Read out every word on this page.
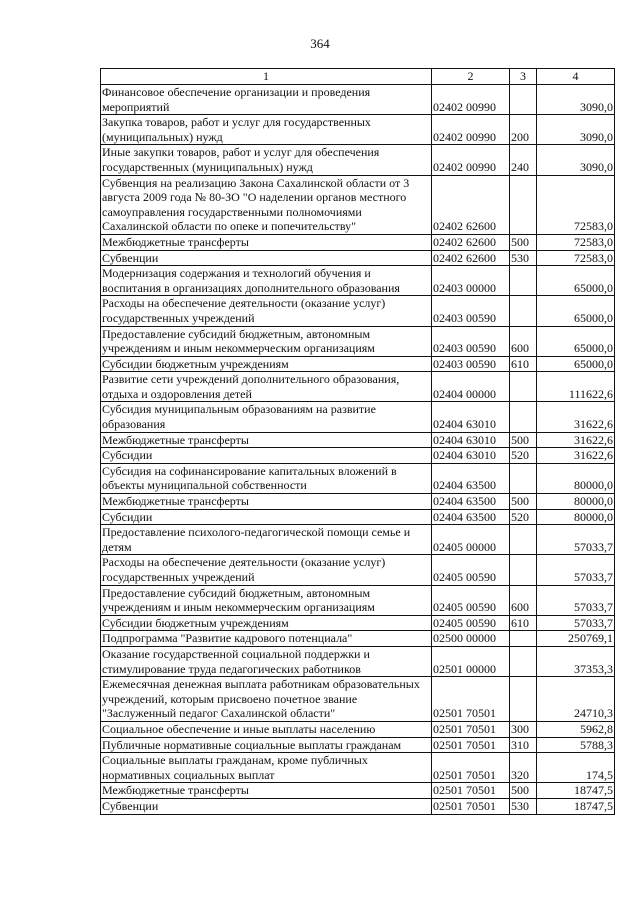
364
1	2	3	4
Финансовое обеспечение организации и проведения мероприятий	02402 00990		3090,0
Закупка товаров, работ и услуг для государственных (муниципальных) нужд	02402 00990	200	3090,0
Иные закупки товаров, работ и услуг для обеспечения государственных (муниципальных) нужд	02402 00990	240	3090,0
Субвенция на реализацию Закона Сахалинской области от 3 августа 2009 года № 80-ЗО "О наделении органов местного самоуправления государственными полномочиями Сахалинской области по опеке и попечительству"	02402 62600		72583,0
Межбюджетные трансферты	02402 62600	500	72583,0
Субвенции	02402 62600	530	72583,0
Модернизация содержания и технологий обучения и воспитания в организациях дополнительного образования	02403 00000		65000,0
Расходы на обеспечение деятельности (оказание услуг) государственных учреждений	02403 00590		65000,0
Предоставление субсидий бюджетным, автономным учреждениям и иным некоммерческим организациям	02403 00590	600	65000,0
Субсидии бюджетным учреждениям	02403 00590	610	65000,0
Развитие сети учреждений дополнительного образования, отдыха и оздоровления детей	02404 00000		111622,6
Субсидия муниципальным образованиям на развитие образования	02404 63010		31622,6
Межбюджетные трансферты	02404 63010	500	31622,6
Субсидии	02404 63010	520	31622,6
Субсидия на софинансирование капитальных вложений в объекты муниципальной собственности	02404 63500		80000,0
Межбюджетные трансферты	02404 63500	500	80000,0
Субсидии	02404 63500	520	80000,0
Предоставление психолого-педагогической помощи семье и детям	02405 00000		57033,7
Расходы на обеспечение деятельности (оказание услуг) государственных учреждений	02405 00590		57033,7
Предоставление субсидий бюджетным, автономным учреждениям и иным некоммерческим организациям	02405 00590	600	57033,7
Субсидии бюджетным учреждениям	02405 00590	610	57033,7
Подпрограмма "Развитие кадрового потенциала"	02500 00000		250769,1
Оказание государственной социальной поддержки и стимулирование труда педагогических работников	02501 00000		37353,3
Ежемесячная денежная выплата работникам образовательных учреждений, которым присвоено почетное звание "Заслуженный педагог Сахалинской области"	02501 70501		24710,3
Социальное обеспечение и иные выплаты населению	02501 70501	300	5962,8
Публичные нормативные социальные выплаты гражданам	02501 70501	310	5788,3
Социальные выплаты гражданам, кроме публичных нормативных социальных выплат	02501 70501	320	174,5
Межбюджетные трансферты	02501 70501	500	18747,5
Субвенции	02501 70501	530	18747,5
